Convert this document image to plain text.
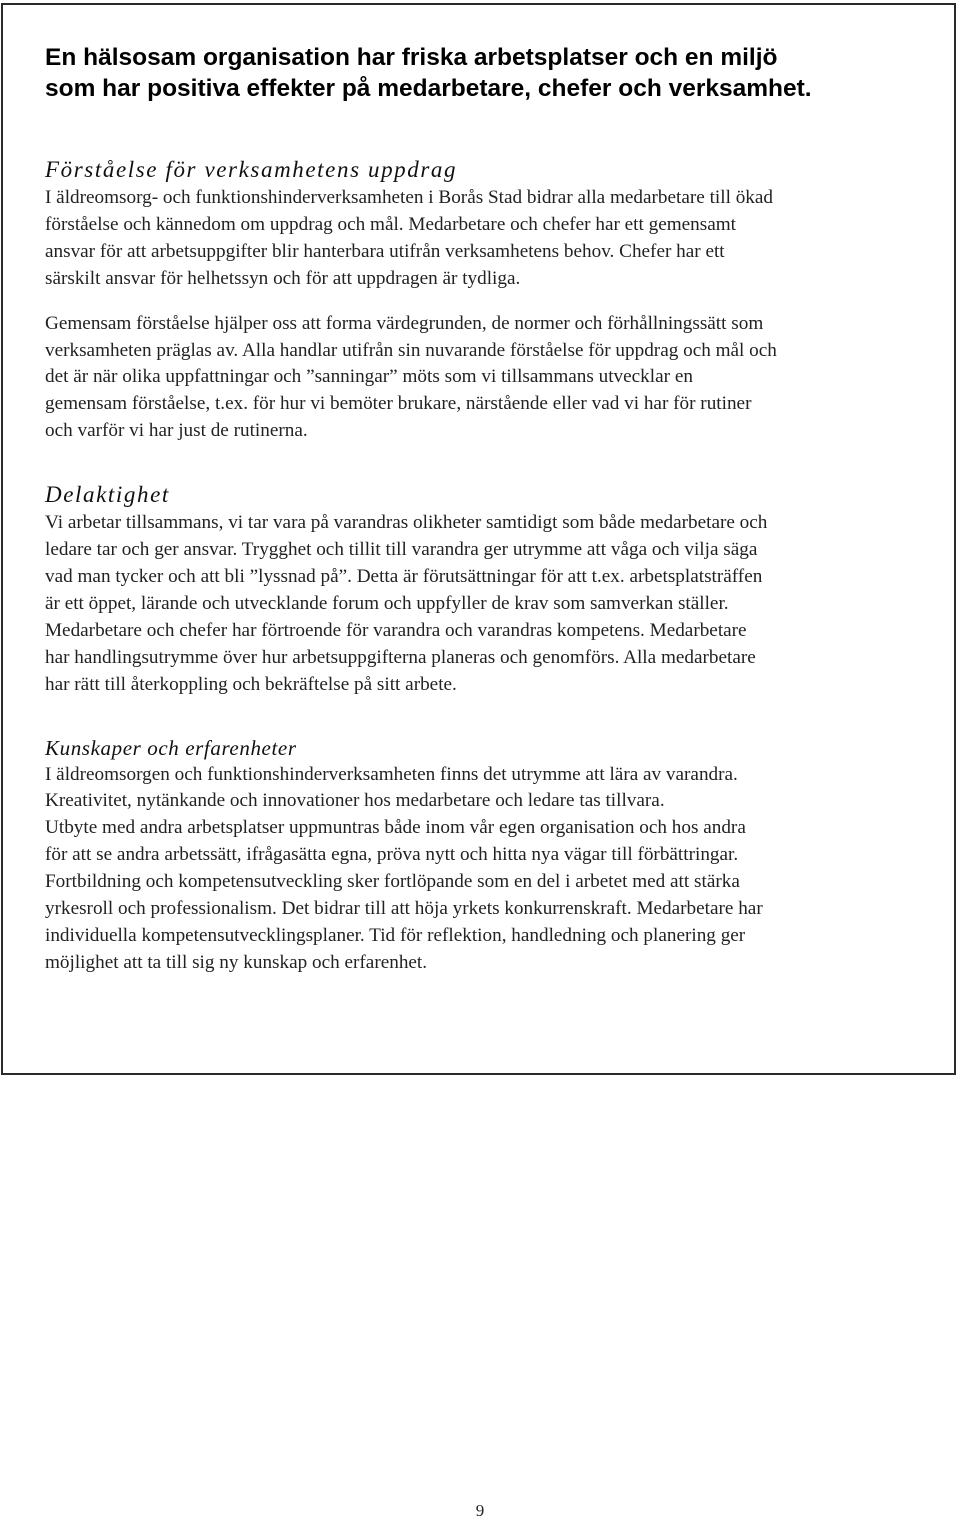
En hälsosam organisation har friska arbetsplatser och en miljö
som har positiva effekter på medarbetare, chefer och verksamhet.
Förståelse för verksamhetens uppdrag

I äldreomsorg- och funktionshinderverksamheten i Borås Stad bidrar alla medarbetare till ökad
förståelse och kännedom om uppdrag och mål. Medarbetare och chefer har ett gemensamt
ansvar för att arbetsuppgifter blir hanterbara utifrån verksamhetens behov. Chefer har ett
särskilt ansvar för helhetssyn och för att uppdragen är tydliga.

Gemensam förståelse hjälper oss att forma värdegrunden, de normer och förhållningssätt som
verksamheten präglas av. Alla handlar utifrån sin nuvarande förståelse för uppdrag och mål och
det är när olika uppfattningar och ”sanningar” möts som vi tillsammans utvecklar en
gemensam förståelse, t.ex. för hur vi bemöter brukare, närstående eller vad vi har för rutiner
och varför vi har just de rutinerna.

Delaktighet

Vi arbetar tillsammans, vi tar vara på varandras olikheter samtidigt som både medarbetare och
ledare tar och ger ansvar. Trygghet och tillit till varandra ger utrymme att våga och vilja säga
vad man tycker och att bli ”lyssnad på”. Detta är förutsättningar för att t.ex. arbetsplatsträffen
är ett öppet, lärande och utvecklande forum och uppfyller de krav som samverkan ställer.
Medarbetare och chefer har förtroende för varandra och varandras kompetens. Medarbetare
har handlingsutrymme över hur arbetsuppgifterna planeras och genomförs. Alla medarbetare
har rätt till återkoppling och bekräftelse på sitt arbete.

Kunskaper och erfarenheter

I äldreomsorgen och funktionshinderverksamheten finns det utrymme att lära av varandra.
Kreativitet, nytänkande och innovationer hos medarbetare och ledare tas tillvara.
Utbyte med andra arbetsplatser uppmuntras både inom vår egen organisation och hos andra
för att se andra arbetssätt, ifrågasätta egna, pröva nytt och hitta nya vägar till förbättringar.
Fortbildning och kompetensutveckling sker fortlöpande som en del i arbetet med att stärka
yrkesroll och professionalism. Det bidrar till att höja yrkets konkurrenskraft. Medarbetare har
individuella kompetensutvecklingsplaner. Tid för reflektion, handledning och planering ger
möjlighet att ta till sig ny kunskap och erfarenhet.

9
